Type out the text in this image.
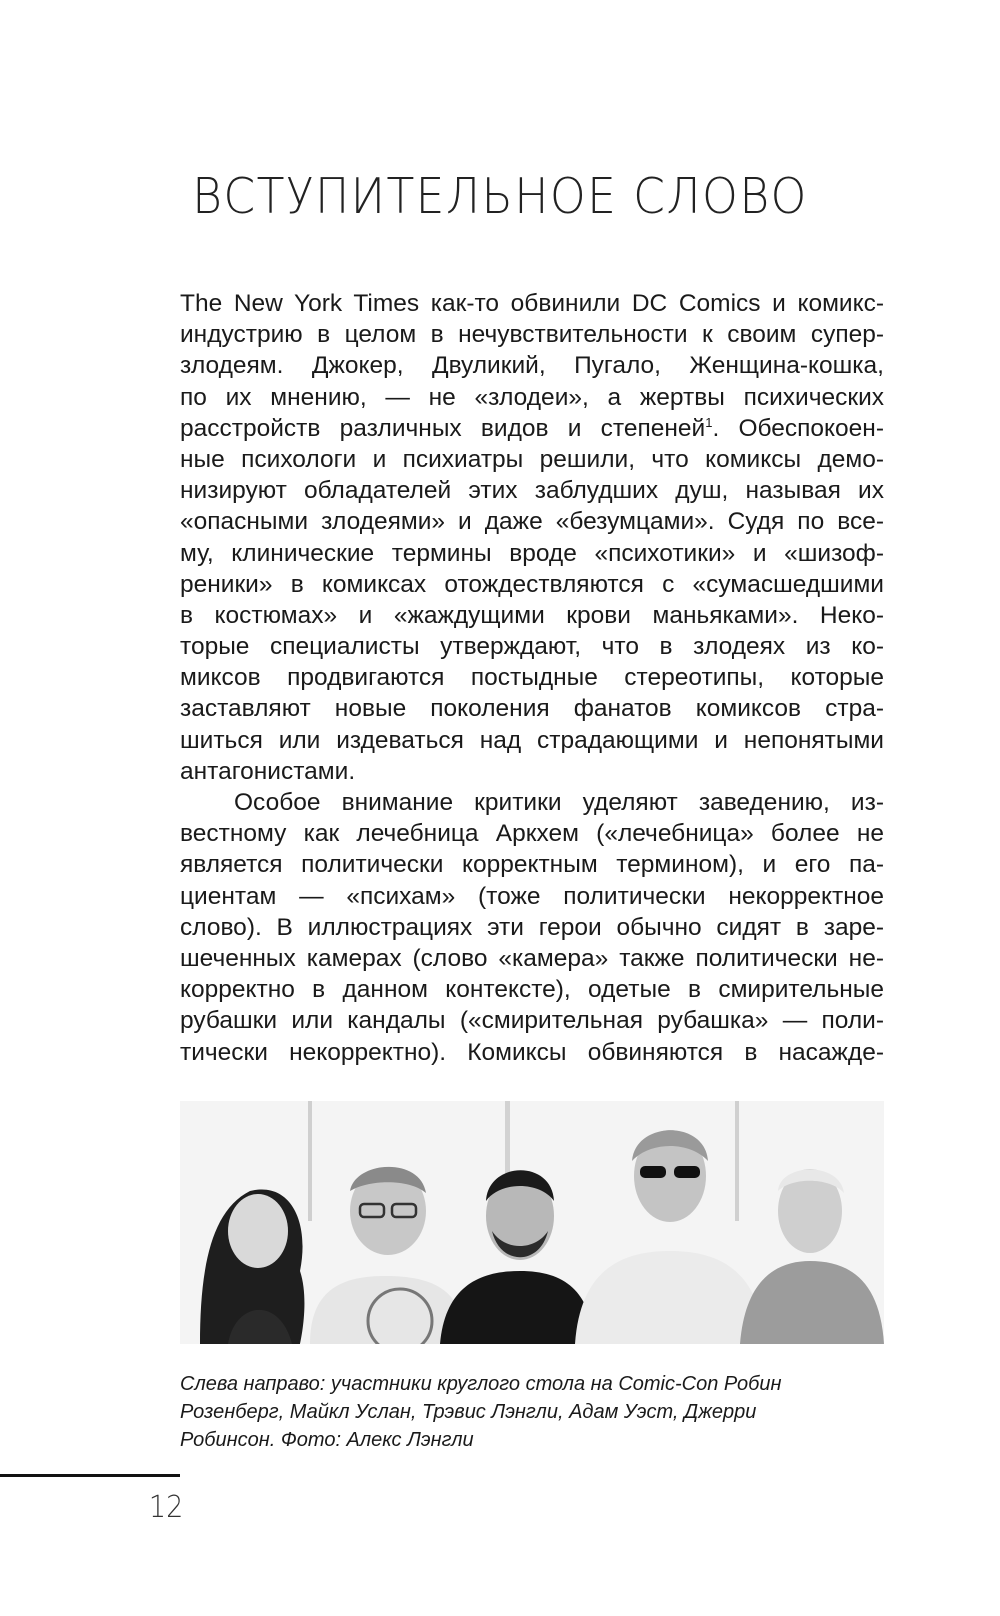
ВСТУПИТЕЛЬНОЕ СЛОВО
The New York Times как-то обвинили DC Comics и комикс-
индустрию в целом в нечувствительности к своим супер-
злодеям. Джокер, Двуликий, Пугало, Женщина-кошка,
по их мнению, — не «злодеи», а жертвы психических
расстройств различных видов и степеней$^1$. Обеспокоен-
ные психологи и психиатры решили, что комиксы демо-
низируют обладателей этих заблудших душ, называя их
«опасными злодеями» и даже «безумцами». Судя по все-
му, клинические термины вроде «психотики» и «шизоф-
реники» в комиксах отождествляются с «сумасшедшими
в костюмах» и «жаждущими крови маньяками». Неко-
торые специалисты утверждают, что в злодеях из ко-
миксов продвигаются постыдные стереотипы, которые
заставляют новые поколения фанатов комиксов стра-
шиться или издеваться над страдающими и непонятыми
антагонистами.
Особое внимание критики уделяют заведению, из-
вестному как лечебница Аркхем («лечебница» более не
является политически корректным термином), и его па-
циентам — «психам» (тоже политически некорректное
слово). В иллюстрациях эти герои обычно сидят в заре-
шеченных камерах (слово «камера» также политически не-
корректно в данном контексте), одетые в смирительные
рубашки или кандалы («смирительная рубашка» — поли-
тически некорректно). Комиксы обвиняются в насажде-
Слева направо: участники круглого стола на Comic-Con Робин
Розенберг, Майкл Услан, Трэвис Лэнгли, Адам Уэст, Джерри
Робинсон. Фото: Алекс Лэнгли
12
